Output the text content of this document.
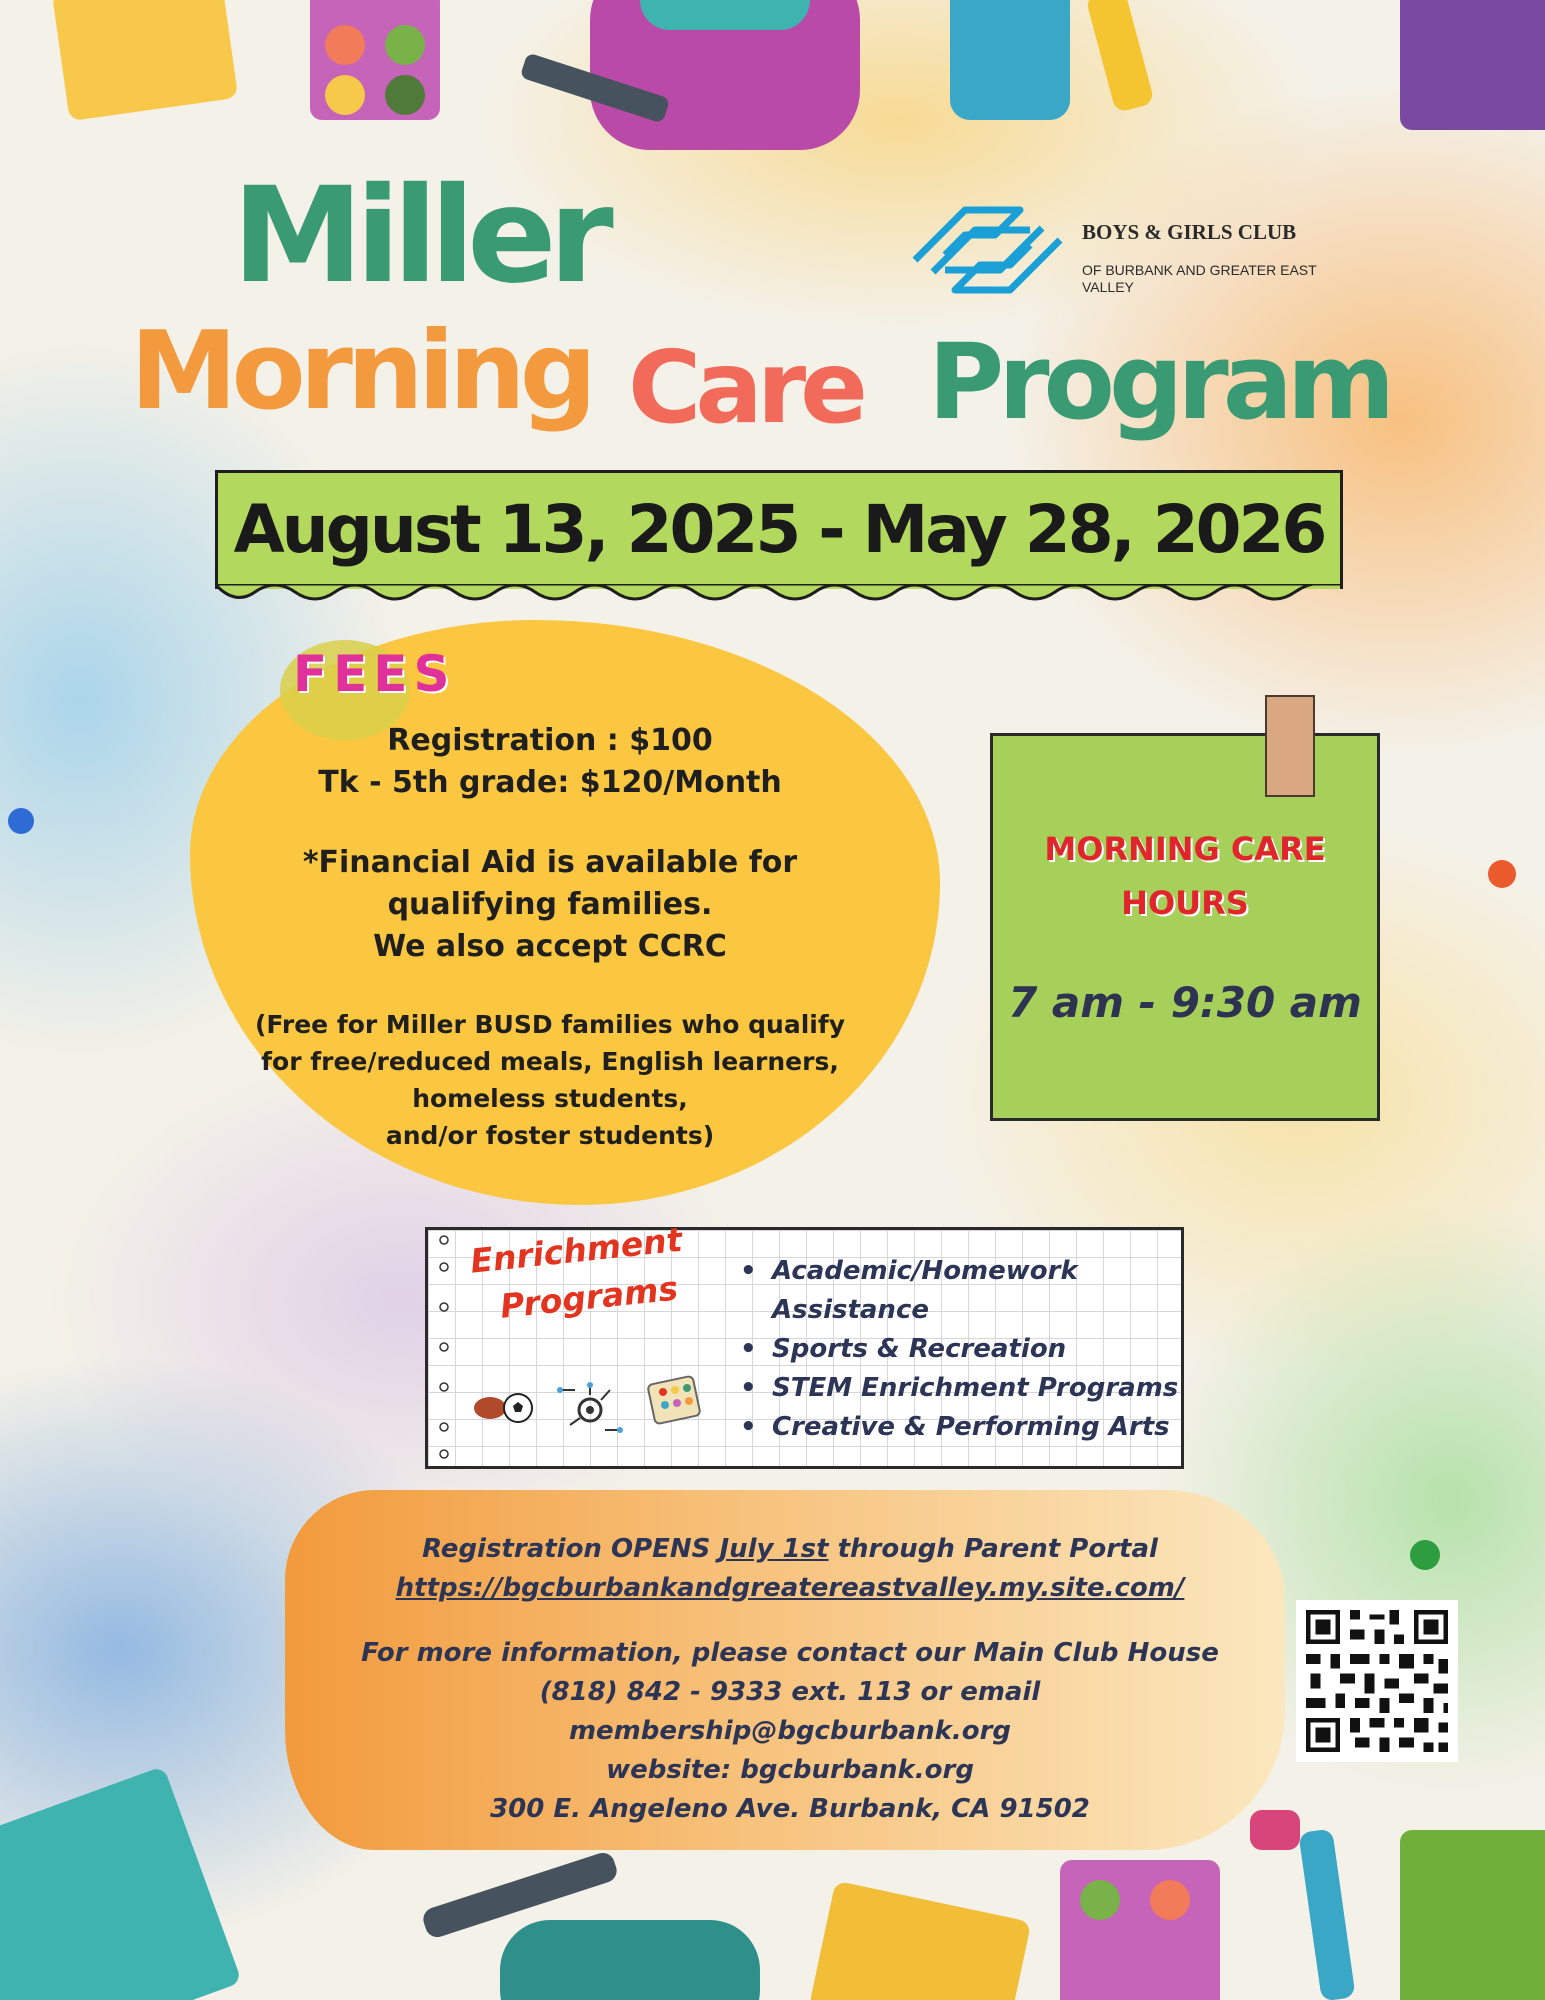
Miller
Morning Care Program
BOYS & GIRLS CLUB
OF BURBANK AND GREATER EAST VALLEY
August 13, 2025 - May 28, 2026
FEES
Registration : $100
Tk - 5th grade: $120/Month
*Financial Aid is available for
qualifying families.
We also accept CCRC
(Free for Miller BUSD families who qualify
for free/reduced meals, English learners,
homeless students,
and/or foster students)
MORNING CARE
HOURS
7 am - 9:30 am
Enrichment
Programs	• Academic/Homework Assistance
• Sports & Recreation
• STEM Enrichment Programs
• Creative & Performing Arts
Registration OPENS July 1st through Parent Portal
https://bgcburbankandgreatereastvalley.my.site.com/
For more information, please contact our Main Club House
(818) 842 - 9333 ext. 113 or email
membership@bgcburbank.org
website: bgcburbank.org
300 E. Angeleno Ave. Burbank, CA 91502
